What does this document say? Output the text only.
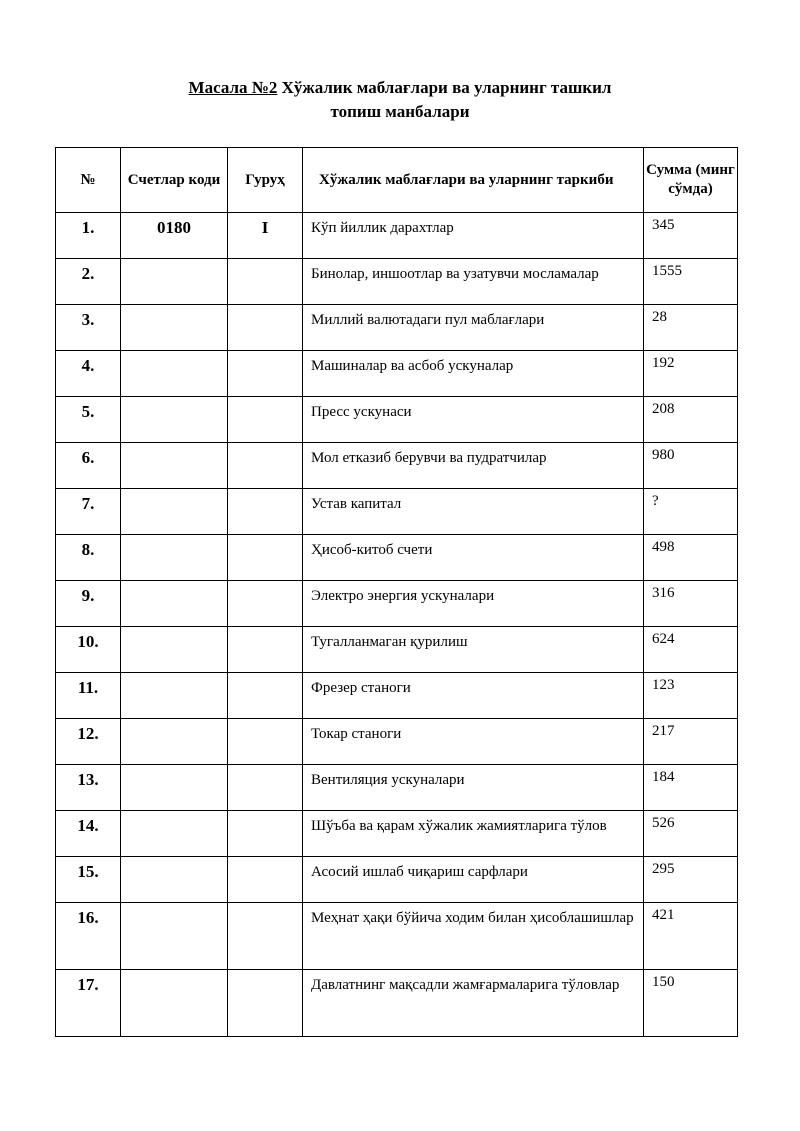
Масала №2 Хўжалик маблағлари ва уларнинг ташкил
топиш манбалари
№	Счетлар коди	Гуруҳ	Хўжалик маблағлари ва уларнинг таркиби	Сумма (минг сўмда)
1.	0180	I	Кўп йиллик дарахтлар	345
2.			Бинолар, иншоотлар ва узатувчи мосламалар	1555
3.			Миллий валютадаги пул маблағлари	28
4.			Машиналар ва асбоб ускуналар	192
5.			Пресс ускунаси	208
6.			Мол етказиб берувчи ва пудратчилар	980
7.			Устав капитал	?
8.			Ҳисоб-китоб счети	498
9.			Электро энергия ускуналари	316
10.			Тугалланмаган қурилиш	624
11.			Фрезер станоги	123
12.			Токар станоги	217
13.			Вентиляция ускуналари	184
14.			Шўъба ва қарам хўжалик жамиятларига тўлов	526
15.			Асосий ишлаб чиқариш сарфлари	295
16.			Меҳнат ҳақи бўйича ходим билан ҳисоблашишлар	421
17.			Давлатнинг мақсадли жамғармаларига тўловлар	150
